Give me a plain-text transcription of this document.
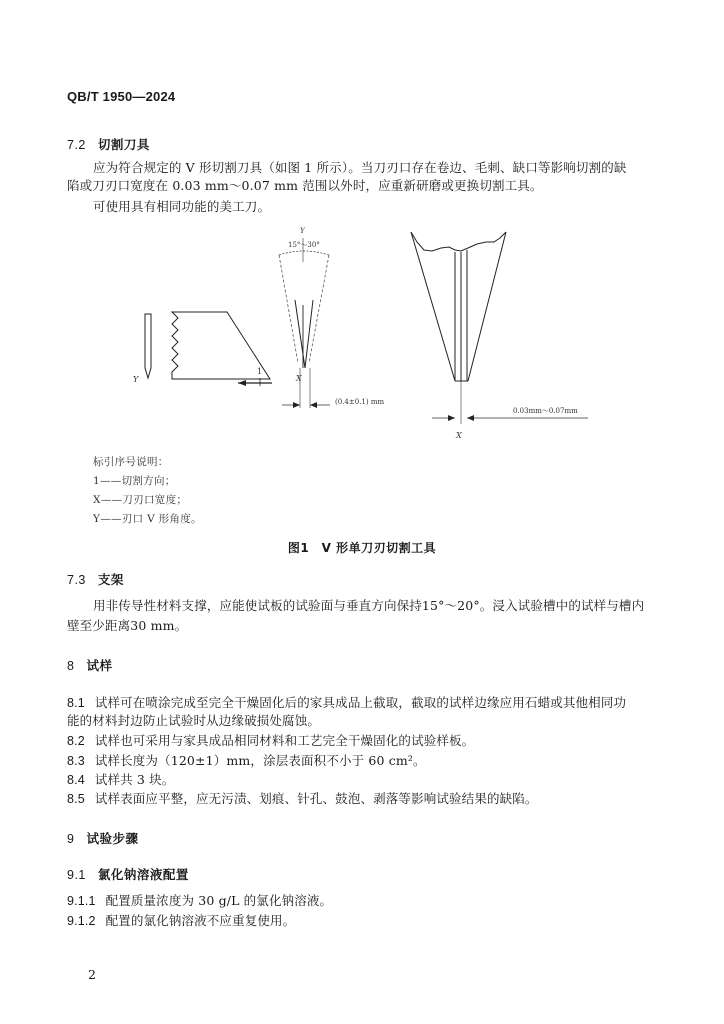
QB/T 1950—2024
7.2 切割刀具
应为符合规定的 V 形切割刀具（如图 1 所示）。当刀刃口存在卷边、毛刺、缺口等影响切割的缺
陷或刀刃口宽度在 0.03 mm～0.07 mm 范围以外时，应重新研磨或更换切割工具。
可使用具有相同功能的美工刀。
Y
1
Y
15°～30°
X
(0.4±0.1) mm
0.03mm～0.07mm
X
标引序号说明：
1——切割方向；
X——刀刃口宽度；
Y——刃口 V 形角度。
图1　V 形单刀刃切割工具
7.3 支架
用非传导性材料支撑，应能使试板的试验面与垂直方向保持15°～20°。浸入试验槽中的试样与槽内
壁至少距离30 mm。
8 试样
8.1 试样可在喷涂完成至完全干燥固化后的家具成品上截取，截取的试样边缘应用石蜡或其他相同功
能的材料封边防止试验时从边缘破损处腐蚀。
8.2 试样也可采用与家具成品相同材料和工艺完全干燥固化的试验样板。
8.3 试样长度为（120±1）mm，涂层表面积不小于 60 cm²。
8.4 试样共 3 块。
8.5 试样表面应平整，应无污渍、划痕、针孔、鼓泡、剥落等影响试验结果的缺陷。
9 试验步骤
9.1 氯化钠溶液配置
9.1.1 配置质量浓度为 30 g/L 的氯化钠溶液。
9.1.2 配置的氯化钠溶液不应重复使用。
2
